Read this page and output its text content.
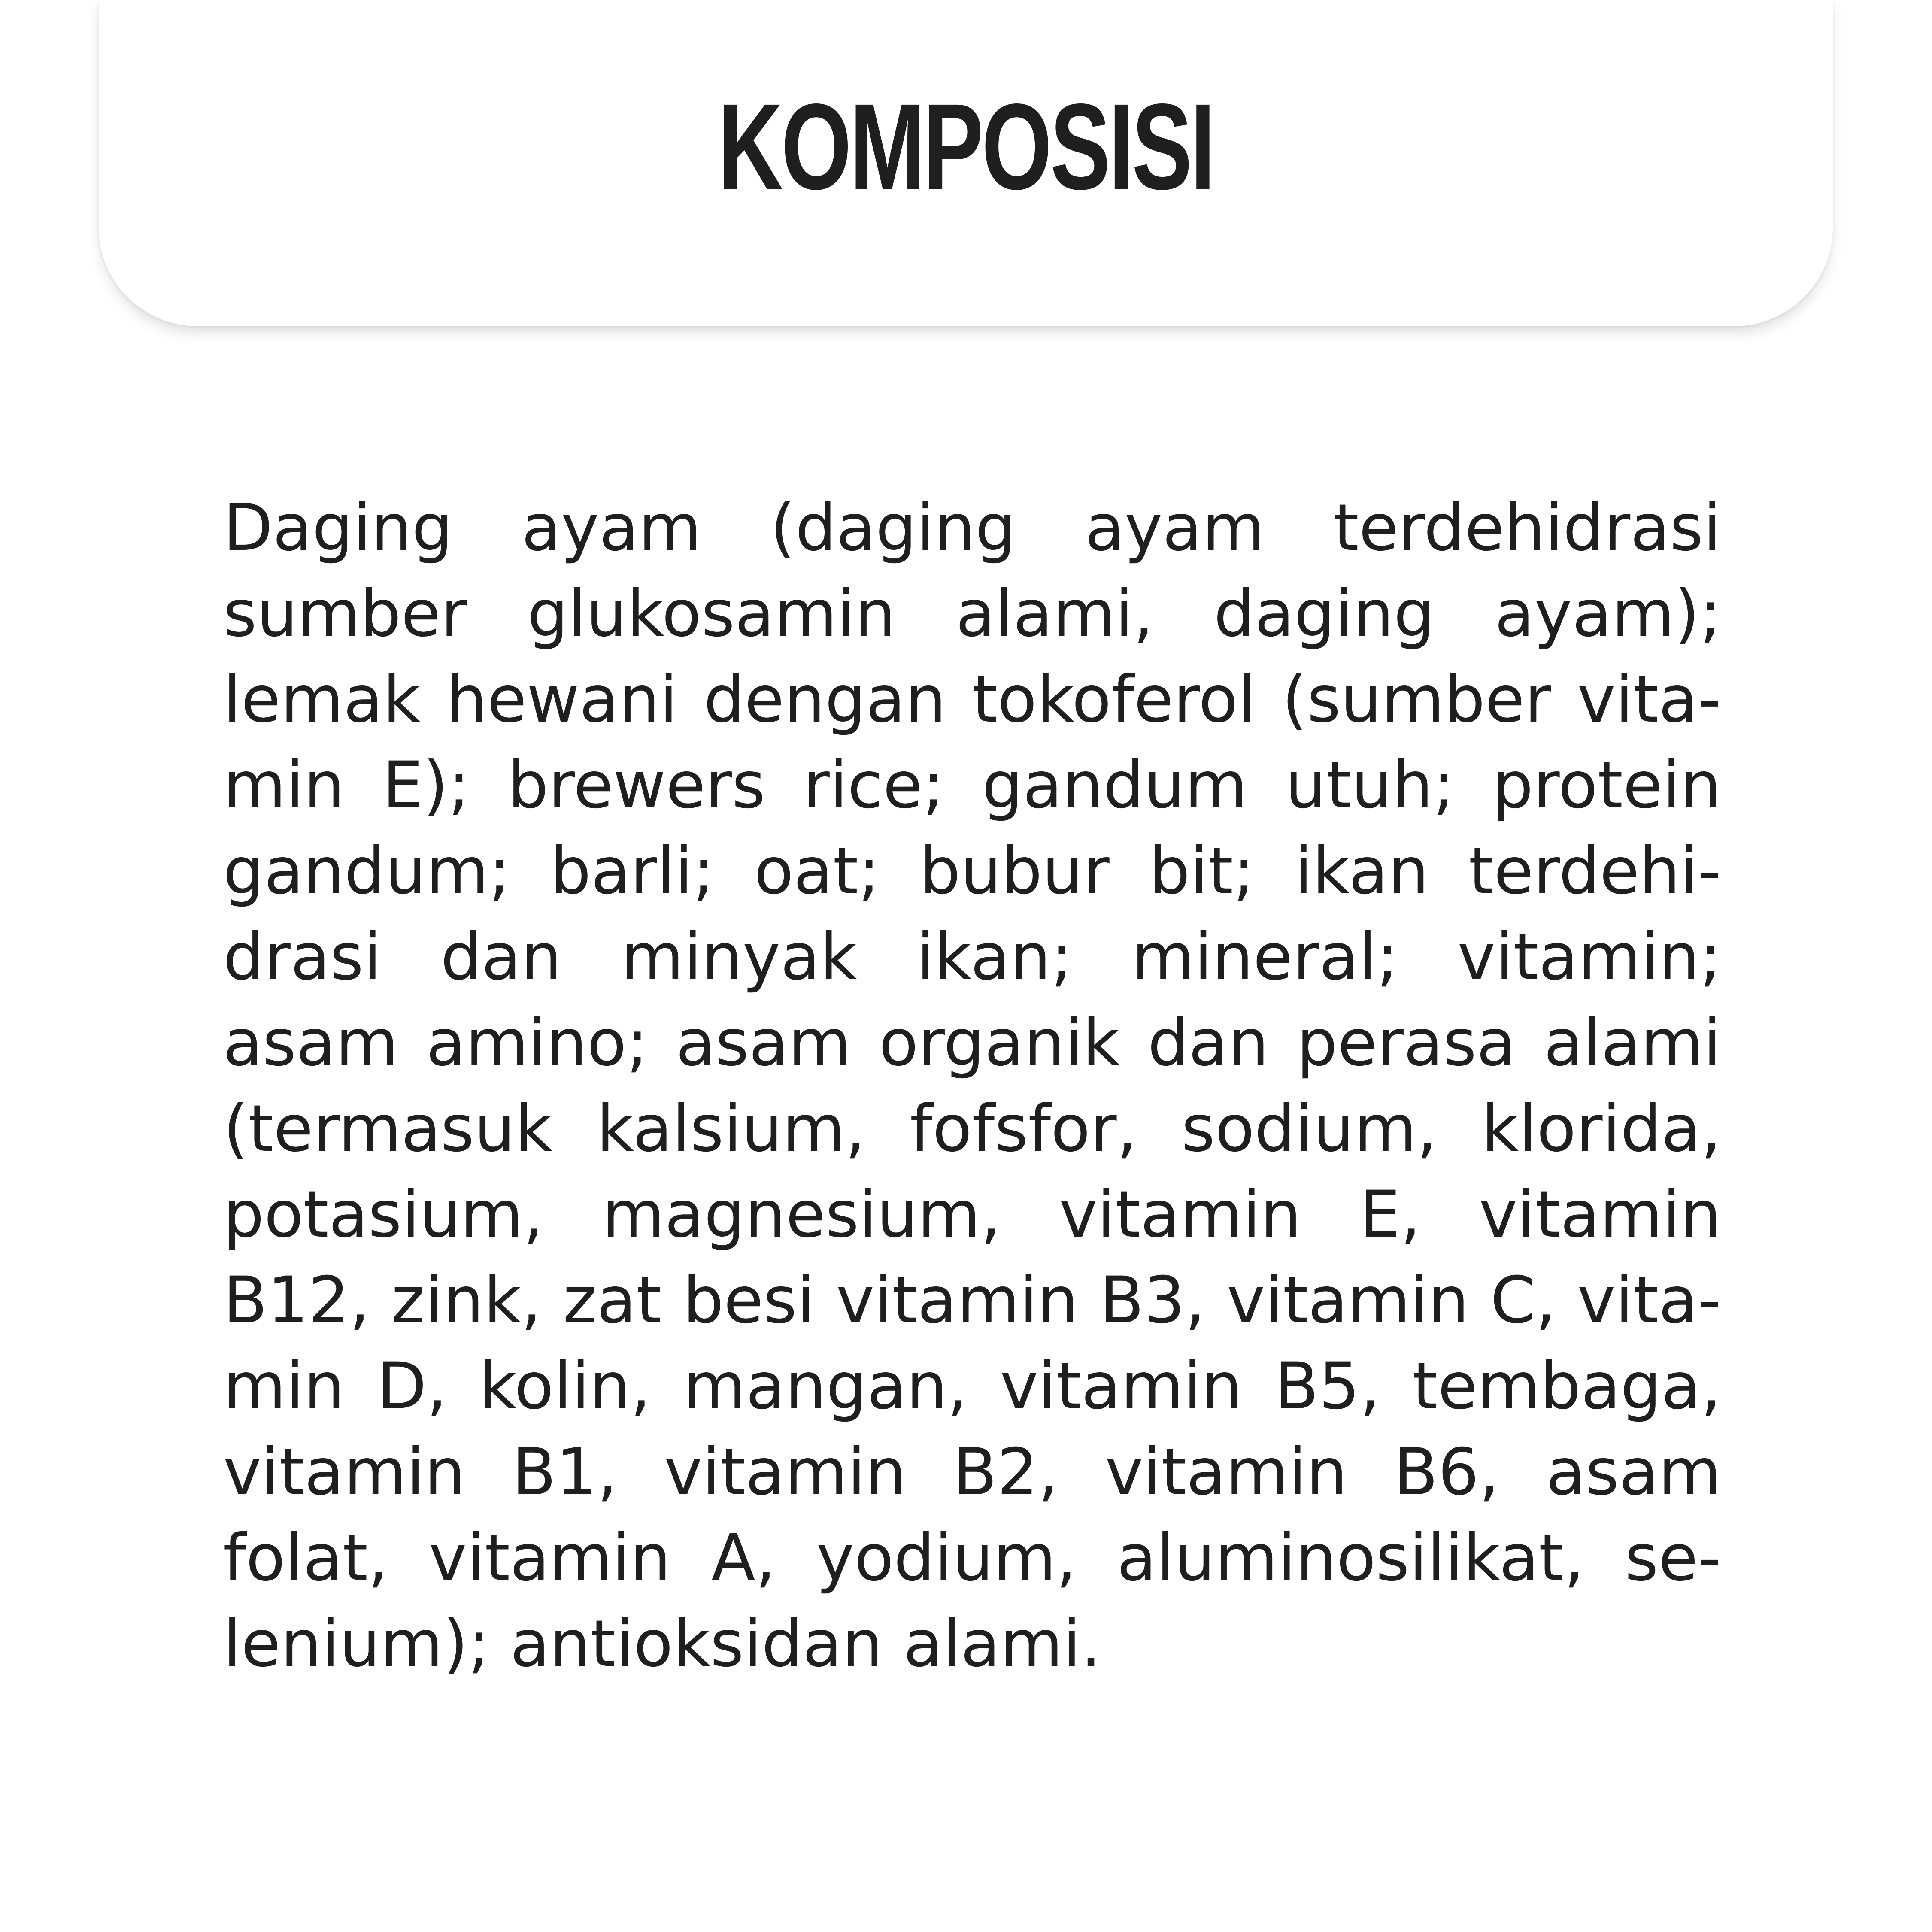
KOMPOSISI
Daging ayam (daging ayam terdehidrasi
sumber glukosamin alami, daging ayam);
lemak hewani dengan tokoferol (sumber vita-
min E); brewers rice; gandum utuh; protein
gandum; barli; oat; bubur bit; ikan terdehi-
drasi dan minyak ikan; mineral; vitamin;
asam amino; asam organik dan perasa alami
(termasuk kalsium, fofsfor, sodium, klorida,
potasium, magnesium, vitamin E, vitamin
B12, zink, zat besi vitamin B3, vitamin C, vita-
min D, kolin, mangan, vitamin B5, tembaga,
vitamin B1, vitamin B2, vitamin B6, asam
folat, vitamin A, yodium, aluminosilikat, se-
lenium); antioksidan alami.
